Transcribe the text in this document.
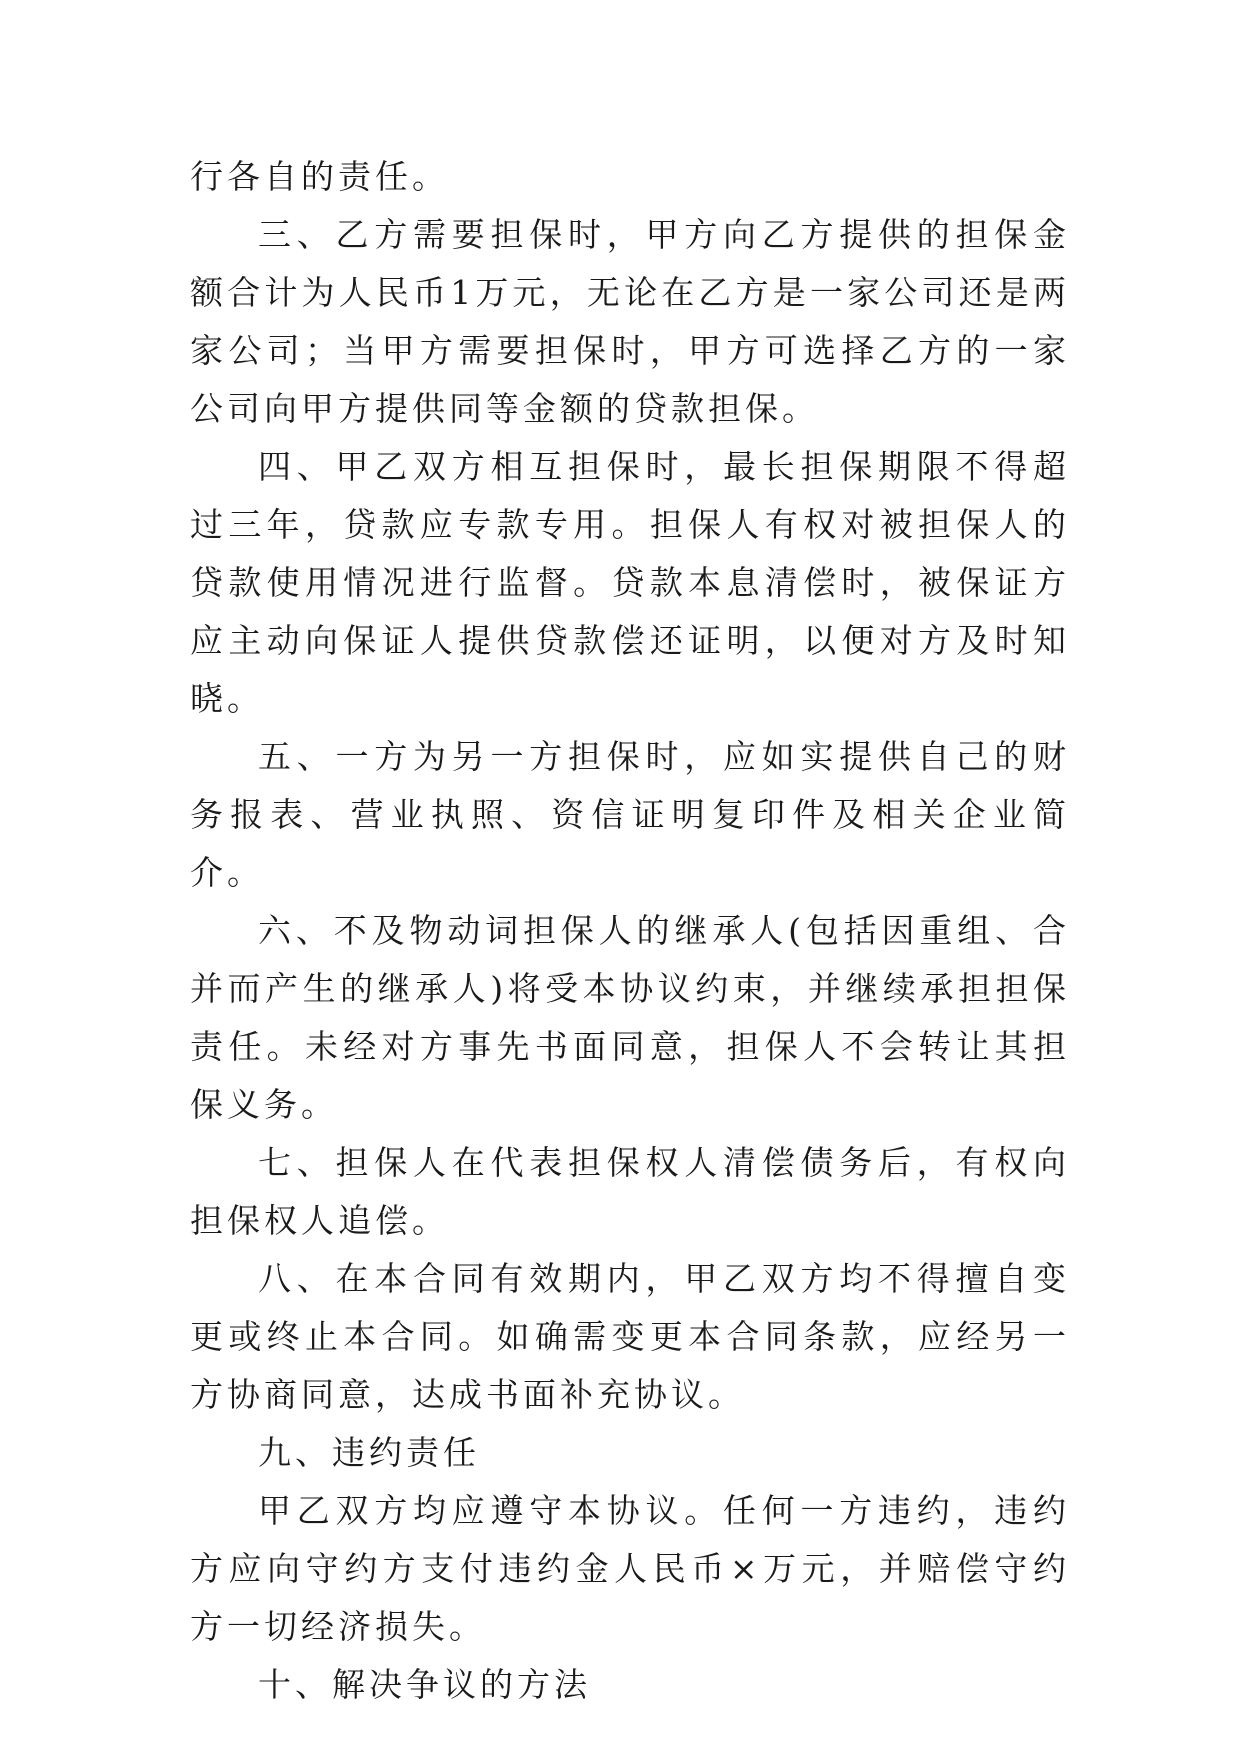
行各自的责任。

三、乙方需要担保时，甲方向乙方提供的担保金额合计为人民币1万元，无论在乙方是一家公司还是两家公司；当甲方需要担保时，甲方可选择乙方的一家公司向甲方提供同等金额的贷款担保。

四、甲乙双方相互担保时，最长担保期限不得超过三年，贷款应专款专用。担保人有权对被担保人的贷款使用情况进行监督。贷款本息清偿时，被保证方应主动向保证人提供贷款偿还证明，以便对方及时知晓。

五、一方为另一方担保时，应如实提供自己的财务报表、营业执照、资信证明复印件及相关企业简介。

六、不及物动词担保人的继承人(包括因重组、合并而产生的继承人)将受本协议约束，并继续承担担保责任。未经对方事先书面同意，担保人不会转让其担保义务。

七、担保人在代表担保权人清偿债务后，有权向担保权人追偿。

八、在本合同有效期内，甲乙双方均不得擅自变更或终止本合同。如确需变更本合同条款，应经另一方协商同意，达成书面补充协议。

九、违约责任

甲乙双方均应遵守本协议。任何一方违约，违约方应向守约方支付违约金人民币×万元，并赔偿守约方一切经济损失。

十、解决争议的方法
